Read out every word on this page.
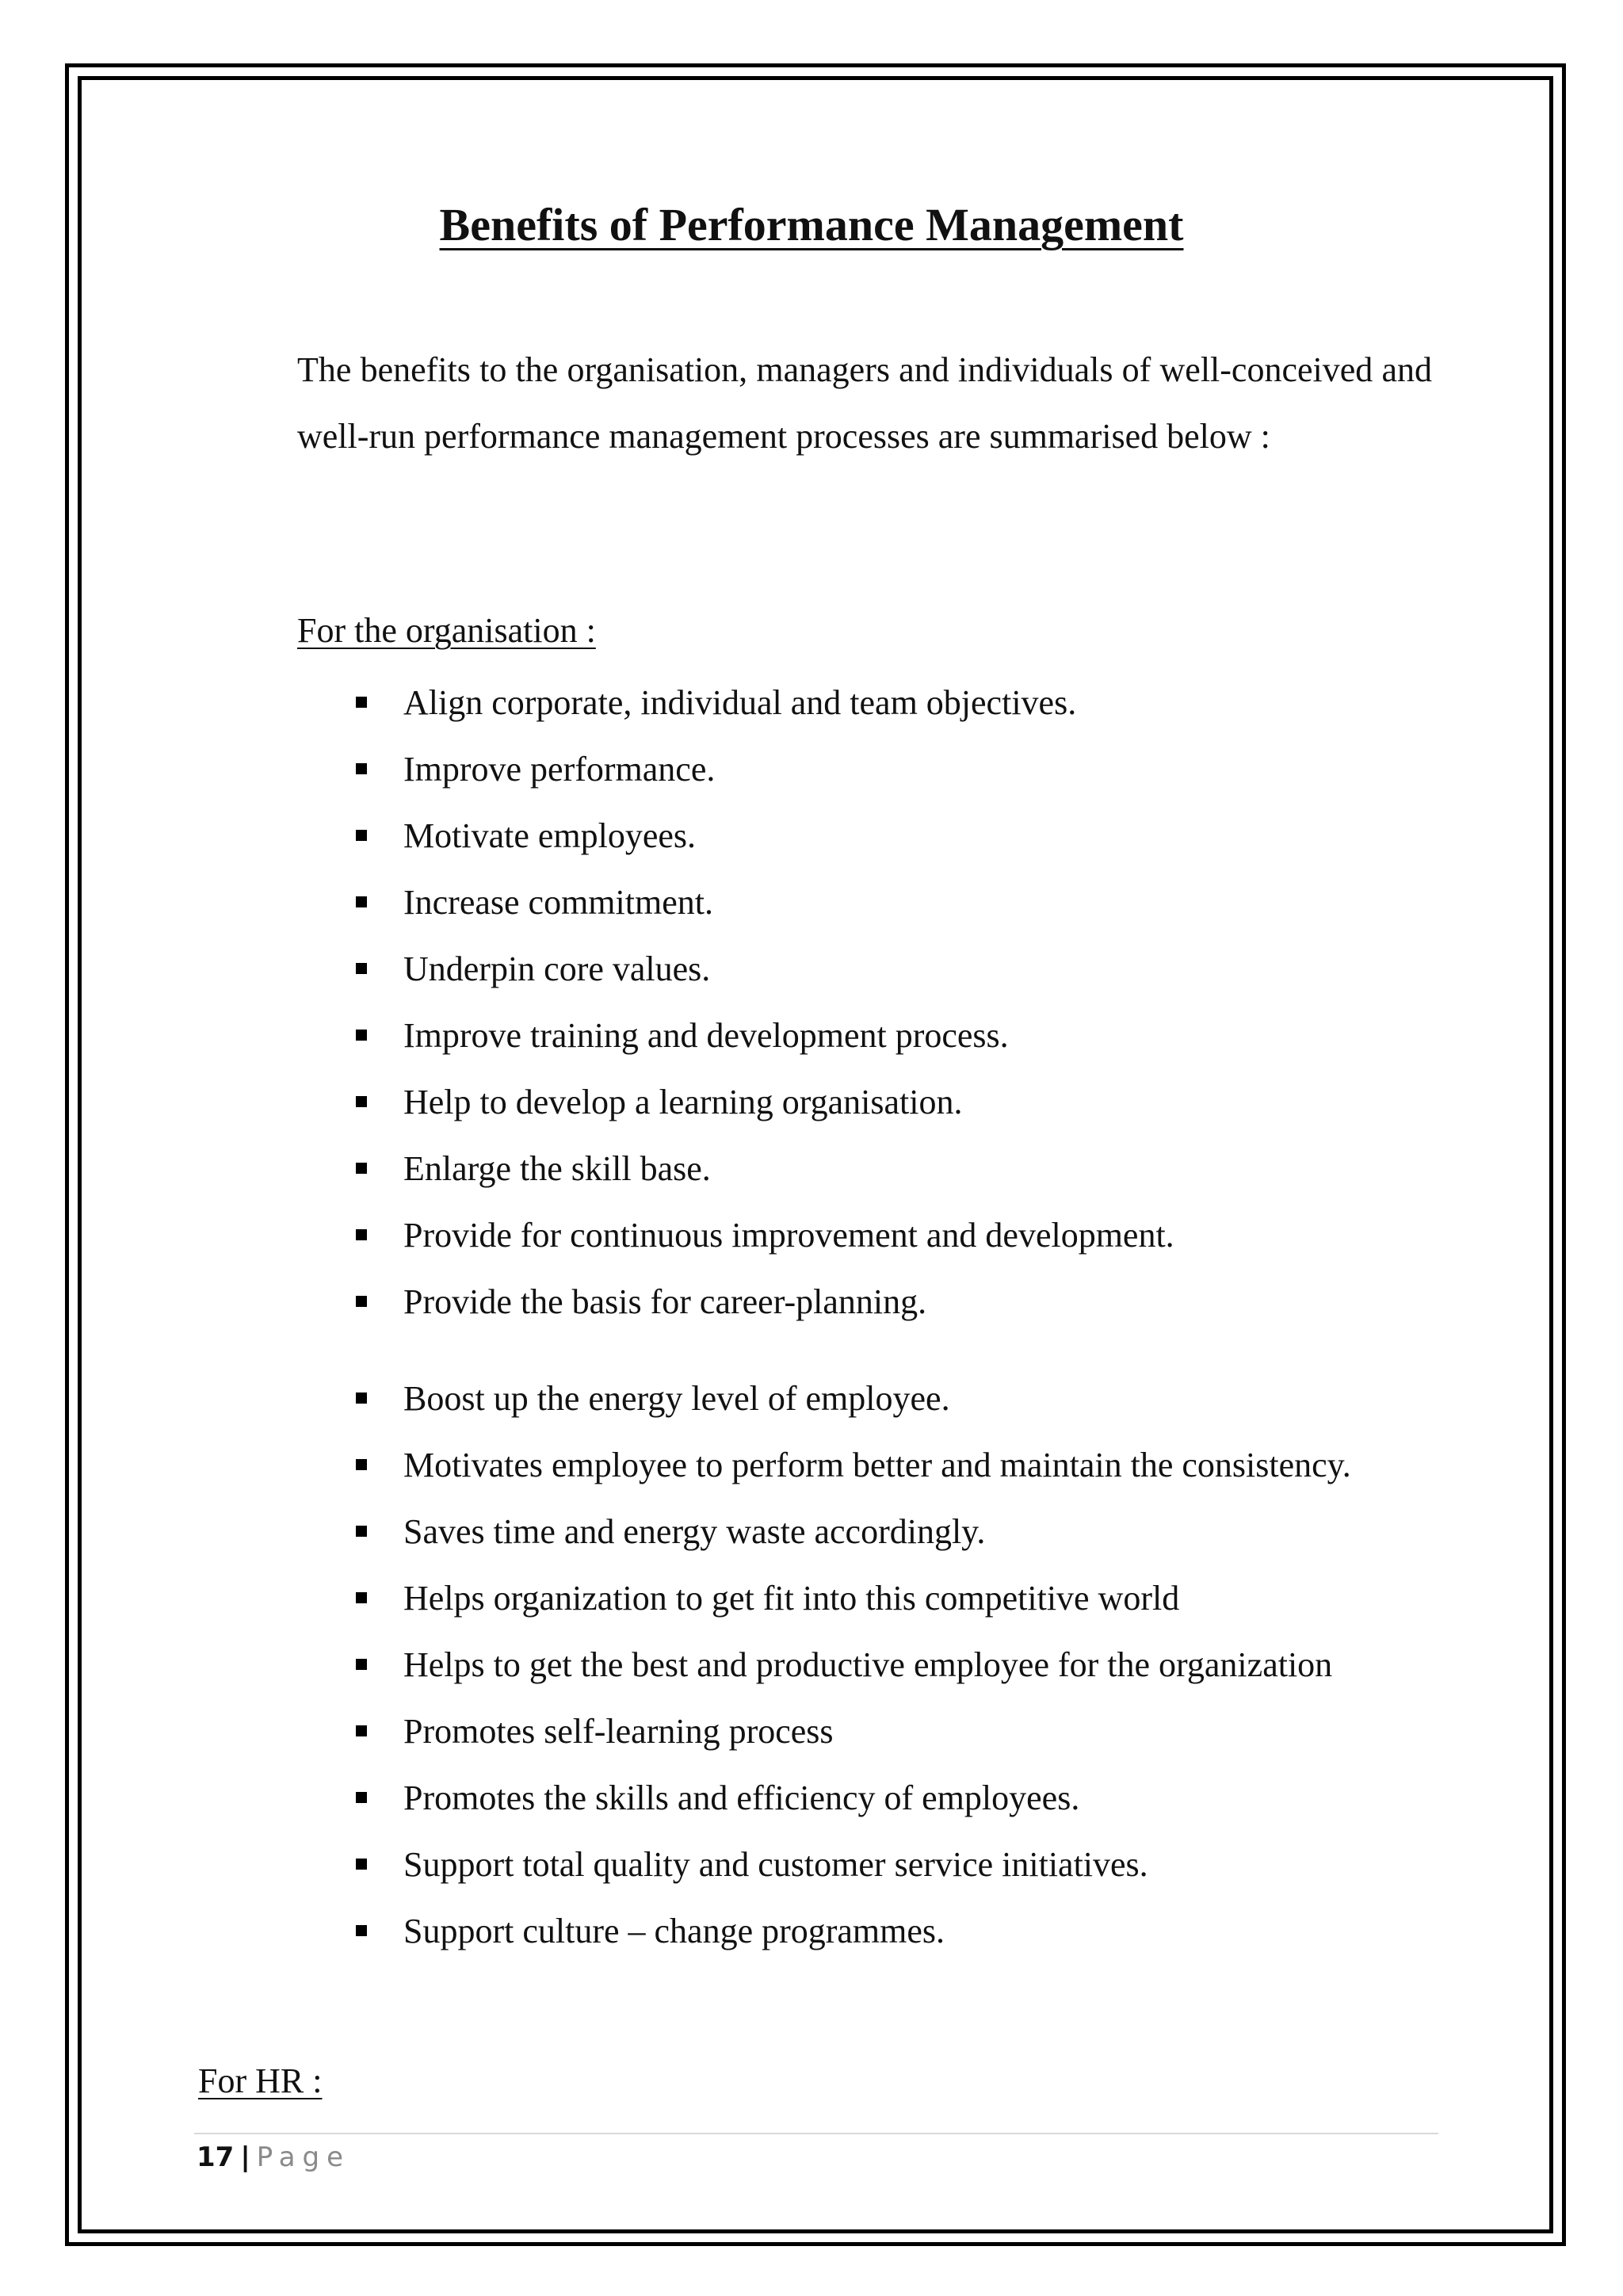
Benefits of Performance Management

The benefits to the organisation, managers and individuals of well-conceived and well-run performance management processes are summarised below :

For the organisation :
Align corporate, individual and team objectives.
Improve performance.
Motivate employees.
Increase commitment.
Underpin core values.
Improve training and development process.
Help to develop a learning organisation.
Enlarge the skill base.
Provide for continuous improvement and development.
Provide the basis for career-planning.
Boost up the energy level of employee.
Motivates employee to perform better and maintain the consistency.
Saves time and energy waste accordingly.
Helps organization to get fit into this competitive world
Helps to get the best and productive employee for the organization
Promotes self-learning process
Promotes the skills and efficiency of employees.
Support total quality and customer service initiatives.
Support culture – change programmes.
For HR :
17 | Page
